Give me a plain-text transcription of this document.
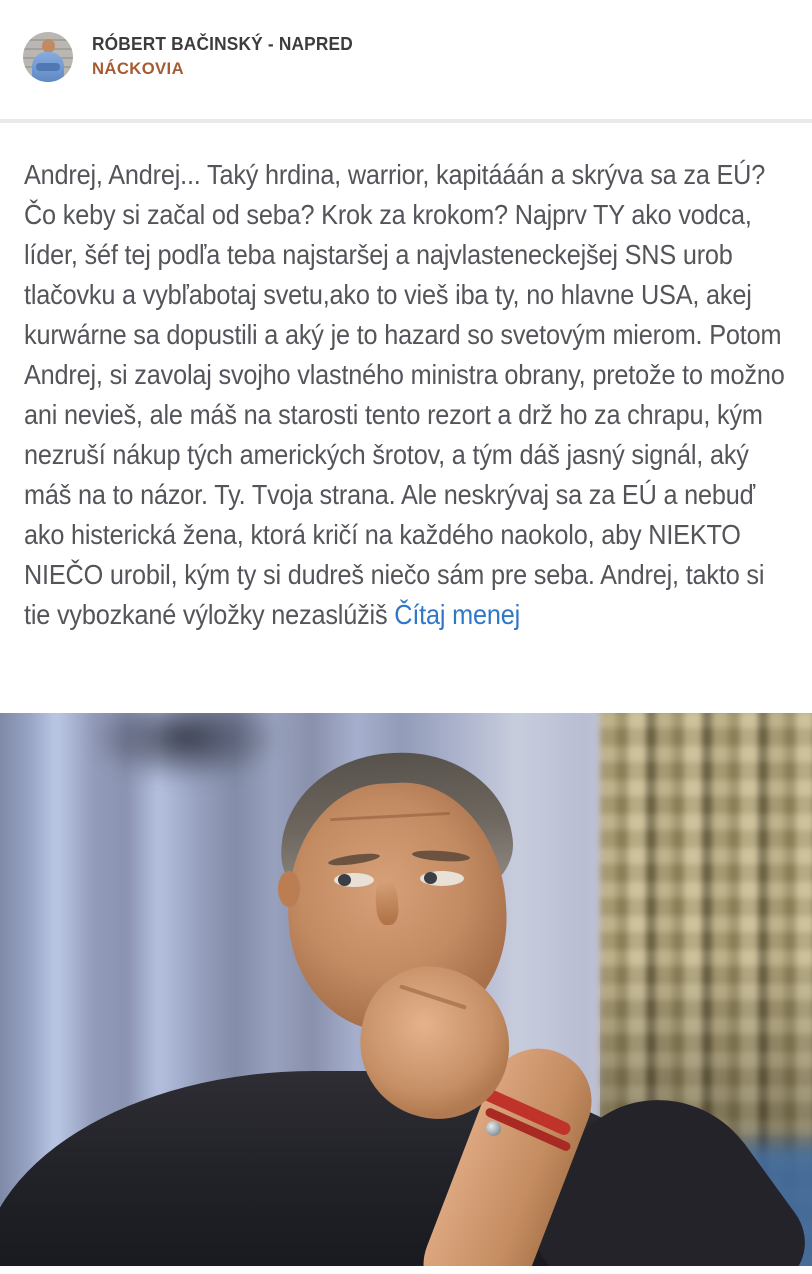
RÓBERT BAČINSKÝ - NAPRED
NÁCKOVIA

Andrej, Andrej... Taký hrdina, warrior, kapitááán a skrýva sa za EÚ? Čo keby si začal od seba? Krok za krokom? Najprv TY ako vodca, líder, šéf tej podľa teba najstaršej a najvlasteneckejšej SNS urob tlačovku a vybľabotaj svetu,ako to vieš iba ty, no hlavne USA, akej kurwárne sa dopustili a aký je to hazard so svetovým mierom. Potom Andrej, si zavolaj svojho vlastného ministra obrany, pretože to možno ani nevieš, ale máš na starosti tento rezort a drž ho za chrapu, kým nezruší nákup tých amerických šrotov, a tým dáš jasný signál, aký máš na to názor. Ty. Tvoja strana. Ale neskrývaj sa za EÚ a nebuď ako histerická žena, ktorá kričí na každého naokolo, aby NIEKTO NIEČO urobil, kým ty si dudreš niečo sám pre seba. Andrej, takto si tie vybozkané výložky nezaslúžiš Čítaj menej
